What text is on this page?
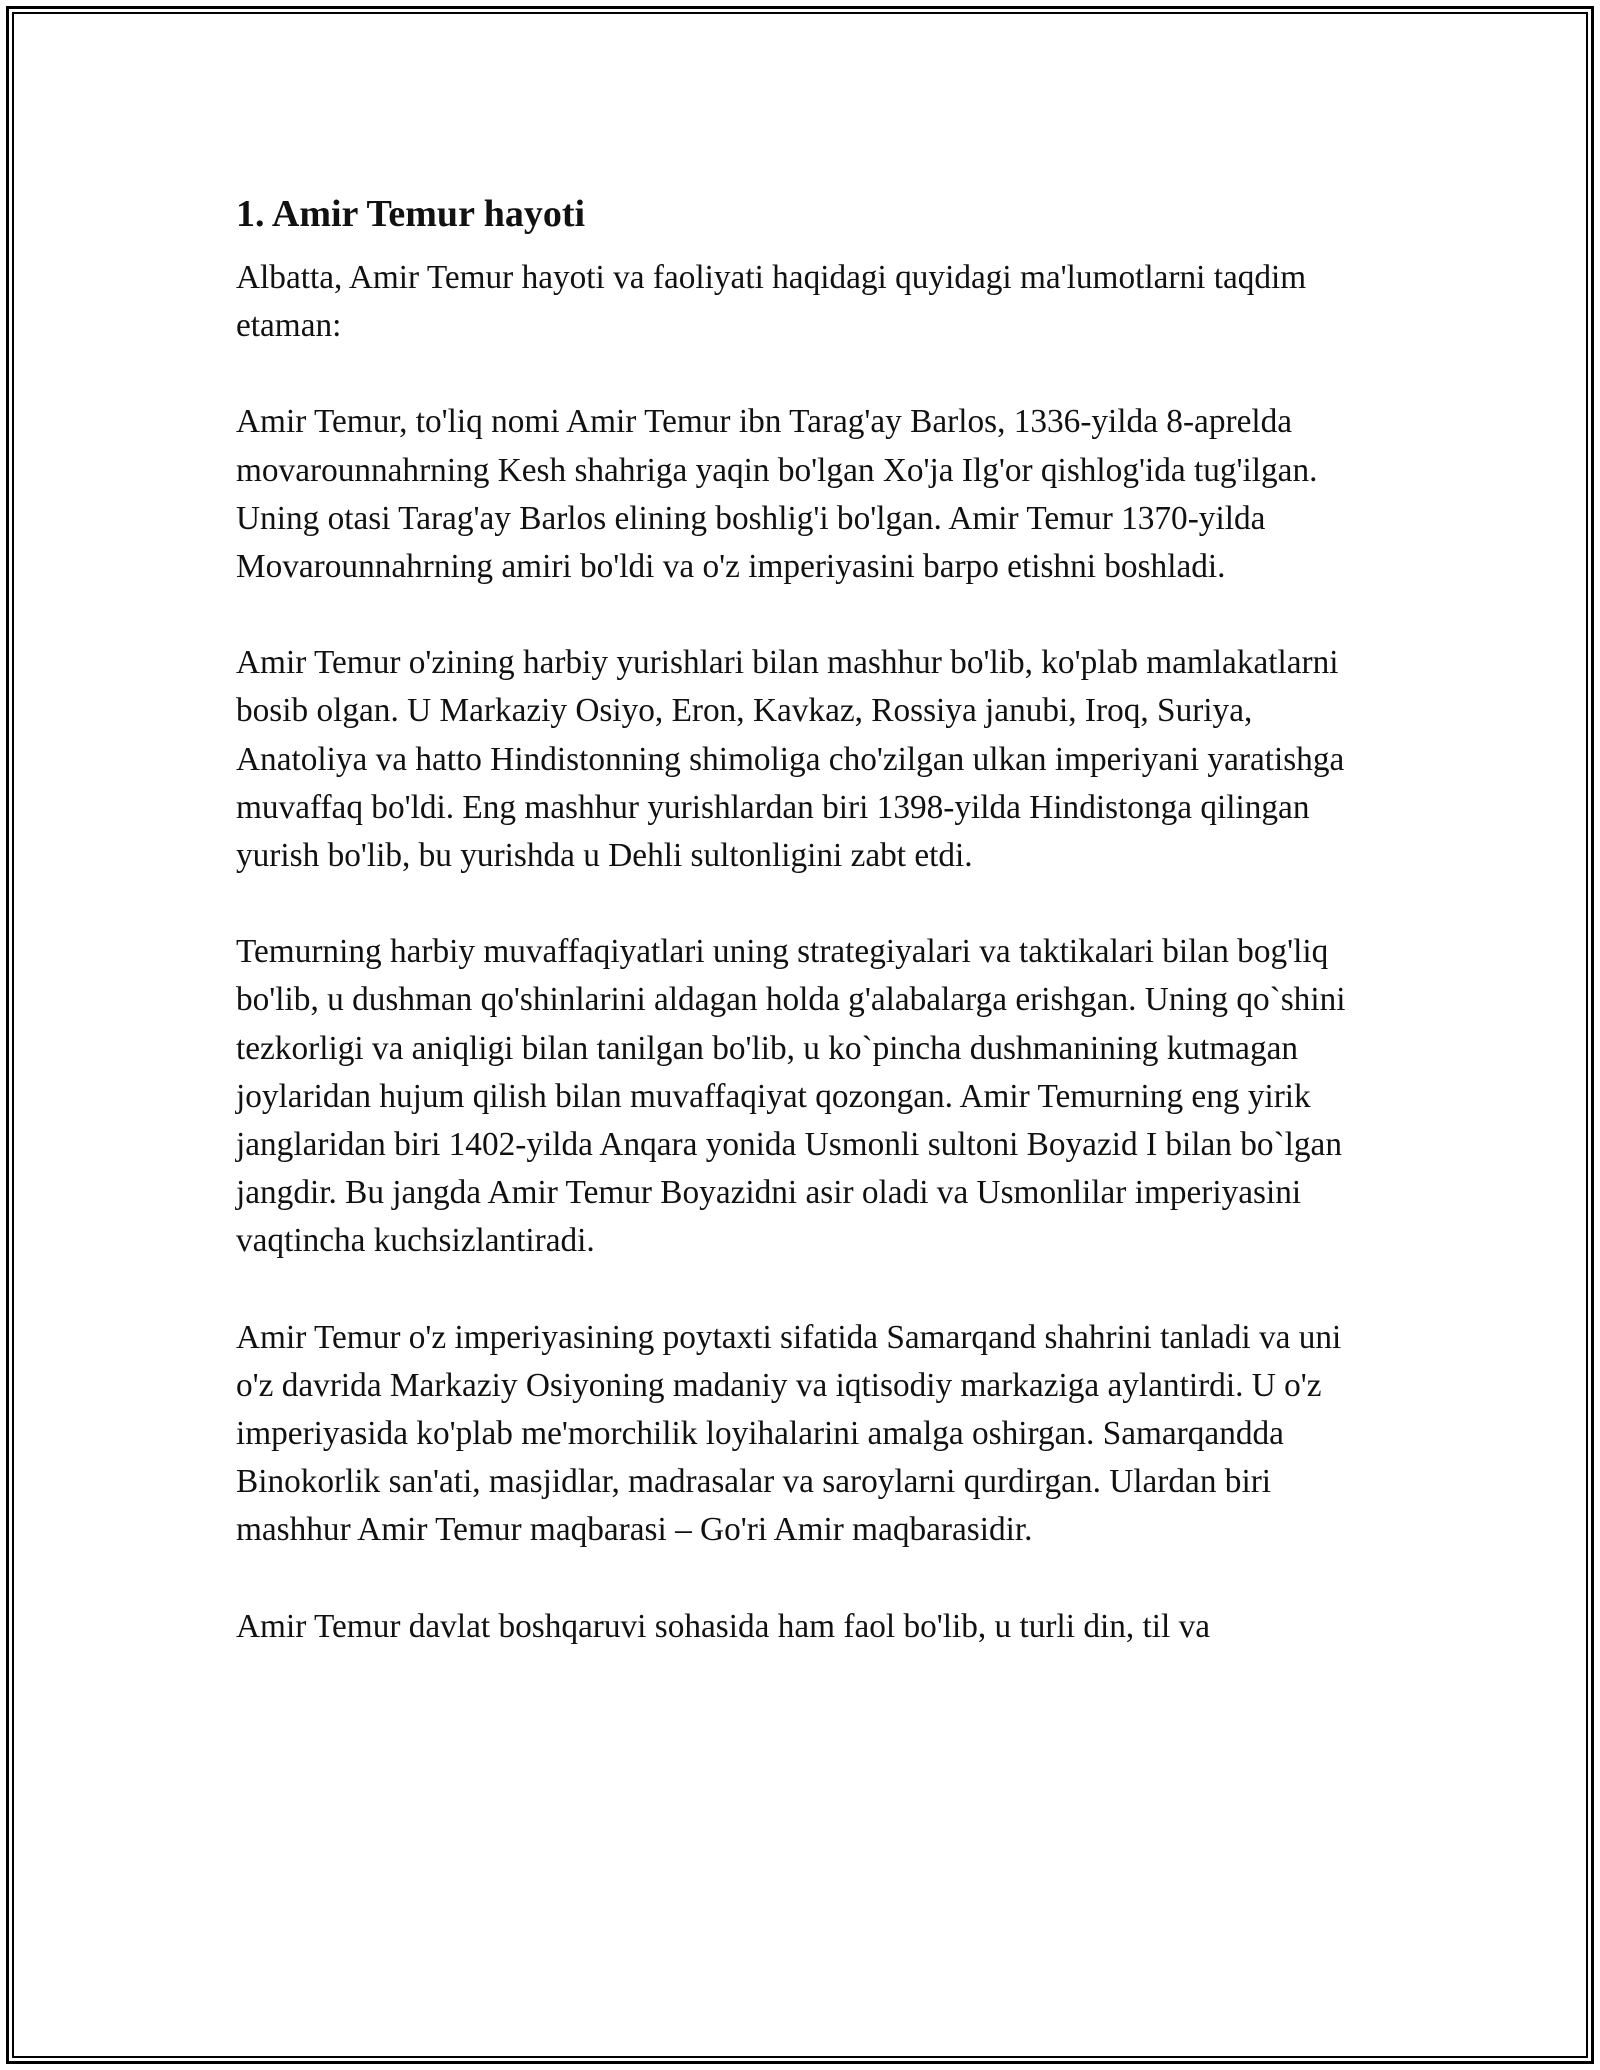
1. Amir Temur hayoti

Albatta, Amir Temur hayoti va faoliyati haqidagi quyidagi ma'lumotlarni taqdim etaman:

Amir Temur, to'liq nomi Amir Temur ibn Tarag'ay Barlos, 1336-yilda 8-aprelda movarounnahrning Kesh shahriga yaqin bo'lgan Xo'ja Ilg'or qishlog'ida tug'ilgan. Uning otasi Tarag'ay Barlos elining boshlig'i bo'lgan. Amir Temur 1370-yilda Movarounnahrning amiri bo'ldi va o'z imperiyasini barpo etishni boshladi.

Amir Temur o'zining harbiy yurishlari bilan mashhur bo'lib, ko'plab mamlakatlarni bosib olgan. U Markaziy Osiyo, Eron, Kavkaz, Rossiya janubi, Iroq, Suriya, Anatoliya va hatto Hindistonning shimoliga cho'zilgan ulkan imperiyani yaratishga muvaffaq bo'ldi. Eng mashhur yurishlardan biri 1398-yilda Hindistonga qilingan yurish bo'lib, bu yurishda u Dehli sultonligini zabt etdi.

Temurning harbiy muvaffaqiyatlari uning strategiyalari va taktikalari bilan bog'liq bo'lib, u dushman qo'shinlarini aldagan holda g'alabalarga erishgan. Uning qo`shini tezkorligi va aniqligi bilan tanilgan bo'lib, u ko`pincha dushmanining kutmagan joylaridan hujum qilish bilan muvaffaqiyat qozongan. Amir Temurning eng yirik janglaridan biri 1402-yilda Anqara yonida Usmonli sultoni Boyazid I bilan bo`lgan jangdir. Bu jangda Amir Temur Boyazidni asir oladi va Usmonlilar imperiyasini vaqtincha kuchsizlantiradi.

Amir Temur o'z imperiyasining poytaxti sifatida Samarqand shahrini tanladi va uni o'z davrida Markaziy Osiyoning madaniy va iqtisodiy markaziga aylantirdi. U o'z imperiyasida ko'plab me'morchilik loyihalarini amalga oshirgan. Samarqandda Binokorlik san'ati, masjidlar, madrasalar va saroylarni qurdirgan. Ulardan biri mashhur Amir Temur maqbarasi – Go'ri Amir maqbarasidir.

Amir Temur davlat boshqaruvi sohasida ham faol bo'lib, u turli din, til va
